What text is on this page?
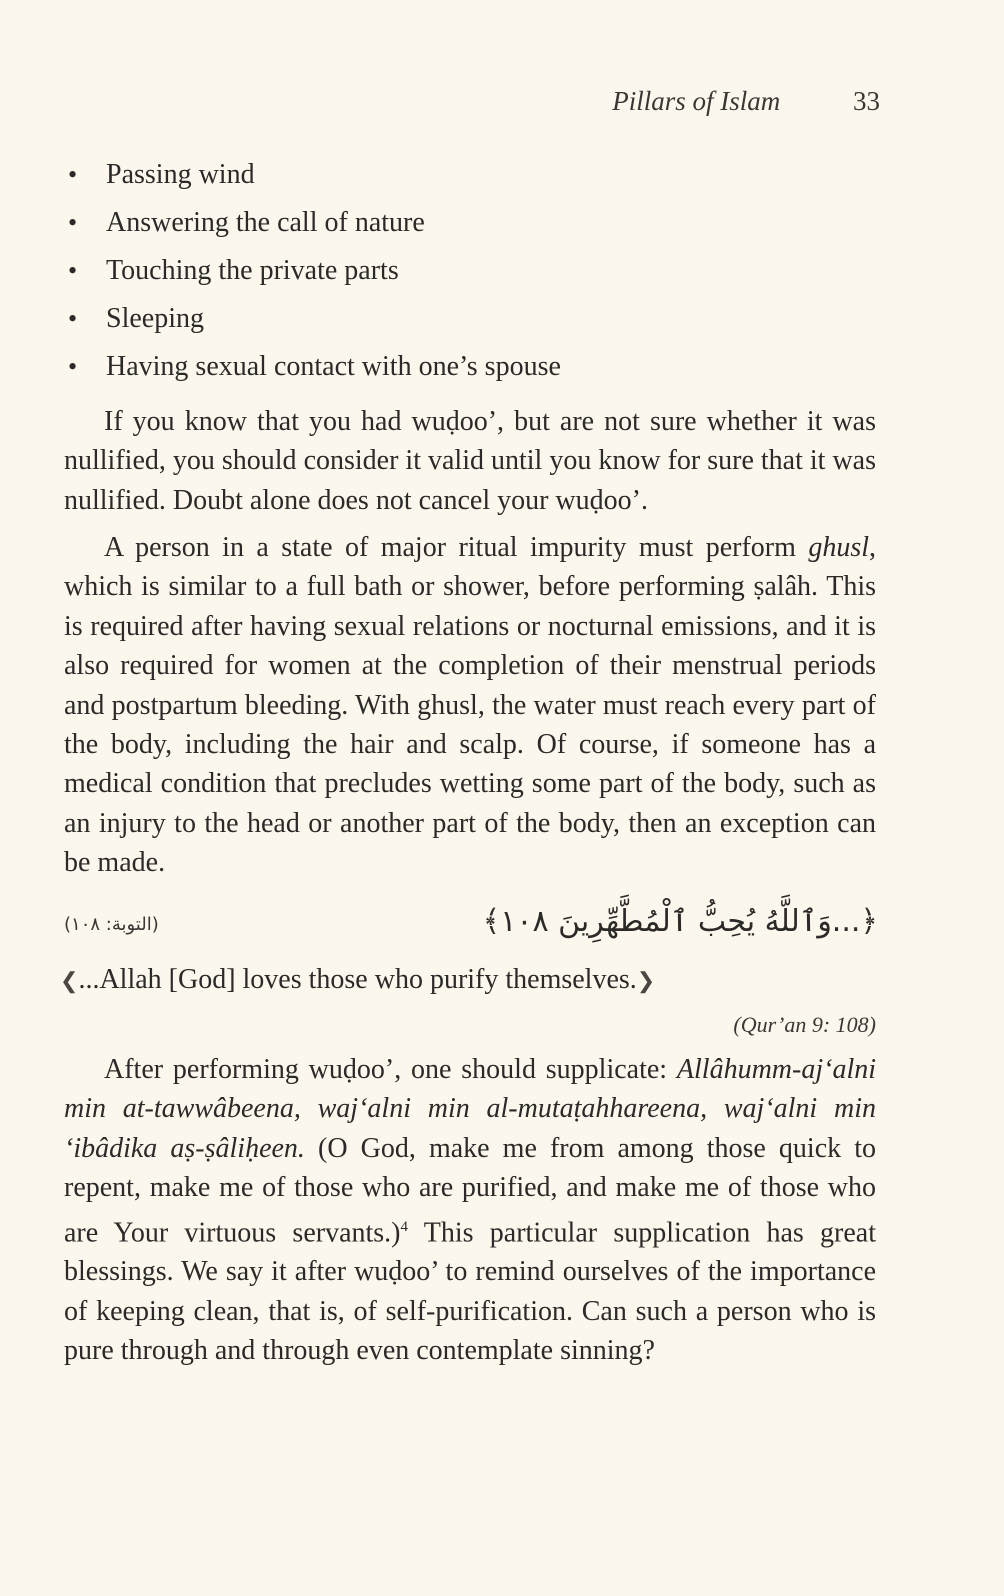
Pillars of Islam	33
• Passing wind
• Answering the call of nature
• Touching the private parts
• Sleeping
• Having sexual contact with one’s spouse

If you know that you had wuḍoo’, but are not sure whether it was nullified, you should consider it valid until you know for sure that it was nullified. Doubt alone does not cancel your wuḍoo’.

A person in a state of major ritual impurity must perform ghusl, which is similar to a full bath or shower, before performing ṣalâh. This is required after having sexual relations or nocturnal emissions, and it is also required for women at the completion of their menstrual periods and postpartum bleeding. With ghusl, the water must reach every part of the body, including the hair and scalp. Of course, if someone has a medical condition that precludes wetting some part of the body, such as an injury to the head or another part of the body, then an exception can be made.

(التوبة: ١٠٨)	﴿...وَٱللَّهُ يُحِبُّ ٱلْمُطَّهِّرِينَ ١٠٨﴾
❮...Allah [God] loves those who purify themselves.❯
(Qur’an 9: 108)

After performing wuḍoo’, one should supplicate: Allâhumm-aj‘alni min at-tawwâbeena, waj‘alni min al-mutaṭahhareena, waj‘alni min ‘ibâdika aṣ-ṣâliḥeen. (O God, make me from among those quick to repent, make me of those who are purified, and make me of those who are Your virtuous servants.)$^4$ This particular supplication has great blessings. We say it after wuḍoo’ to remind ourselves of the importance of keeping clean, that is, of self-purification. Can such a person who is pure through and through even contemplate sinning?
